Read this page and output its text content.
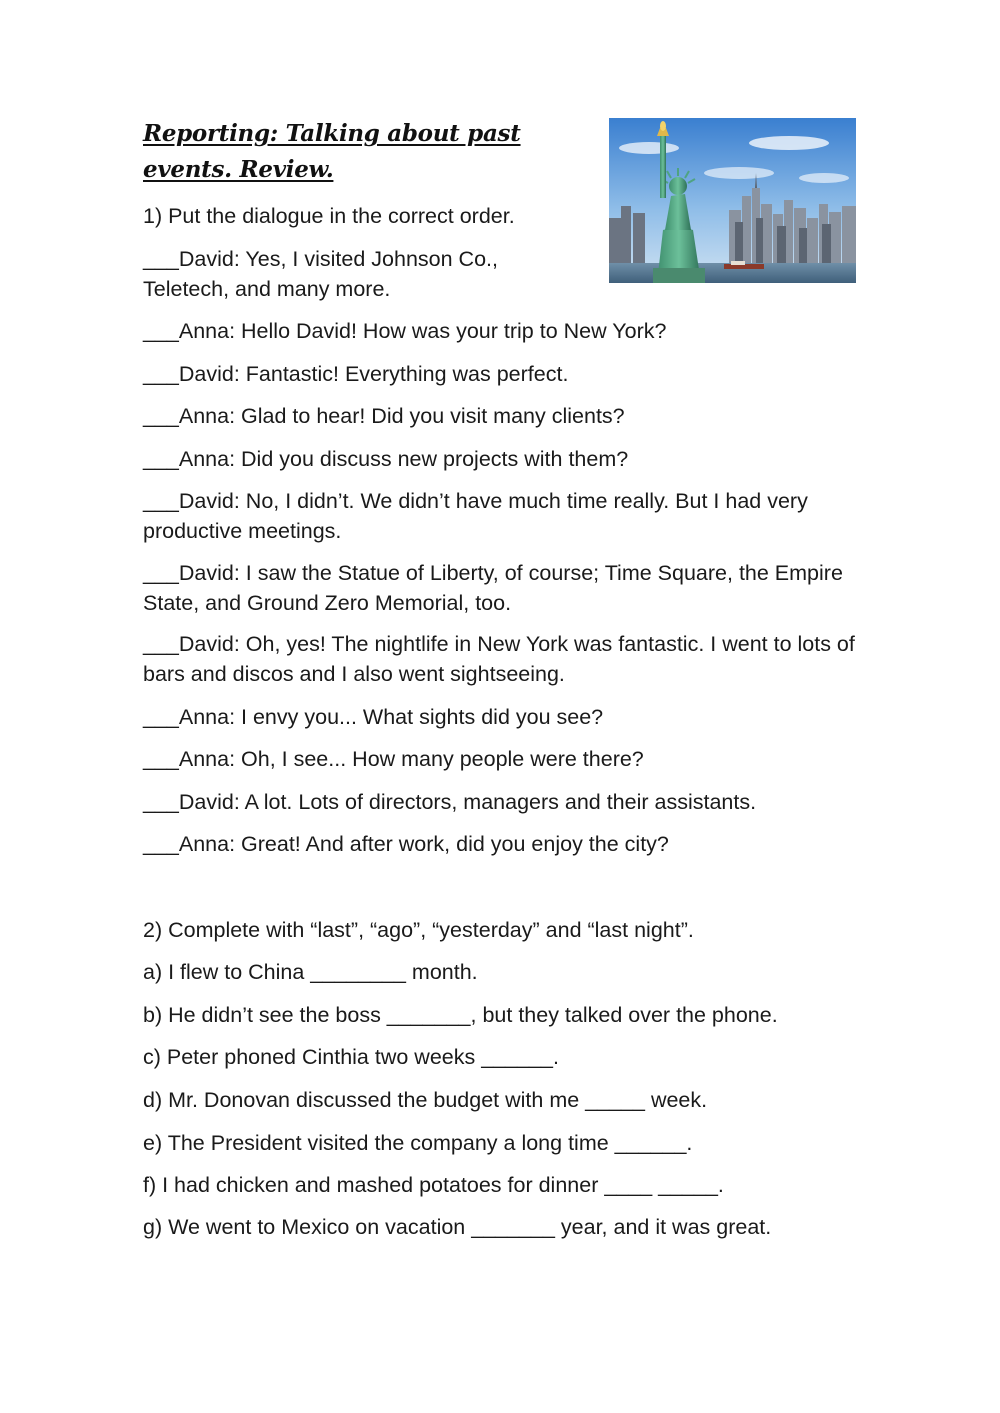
Reporting: Talking about past events. Review.

1) Put the dialogue in the correct order.

___David: Yes, I visited Johnson Co., Teletech, and many more.

___Anna: Hello David! How was your trip to New York?

___David: Fantastic! Everything was perfect.

___Anna: Glad to hear! Did you visit many clients?

___Anna: Did you discuss new projects with them?

___David: No, I didn’t. We didn’t have much time really. But I had very productive meetings.

___David: I saw the Statue of Liberty, of course; Time Square, the Empire State, and Ground Zero Memorial, too.

___David: Oh, yes! The nightlife in New York was fantastic. I went to lots of bars and discos and I also went sightseeing.

___Anna: I envy you... What sights did you see?

___Anna: Oh, I see... How many people were there?

___David: A lot. Lots of directors, managers and their assistants.

___Anna: Great! And after work, did you enjoy the city?

2) Complete with “last”, “ago”, “yesterday” and “last night”.

a) I flew to China ________ month.

b) He didn’t see the boss _______, but they talked over the phone.

c) Peter phoned Cinthia two weeks ______.

d) Mr. Donovan discussed the budget with me _____ week.

e) The President visited the company a long time ______.

f) I had chicken and mashed potatoes for dinner ____ _____.

g) We went to Mexico on vacation _______ year, and it was great.
